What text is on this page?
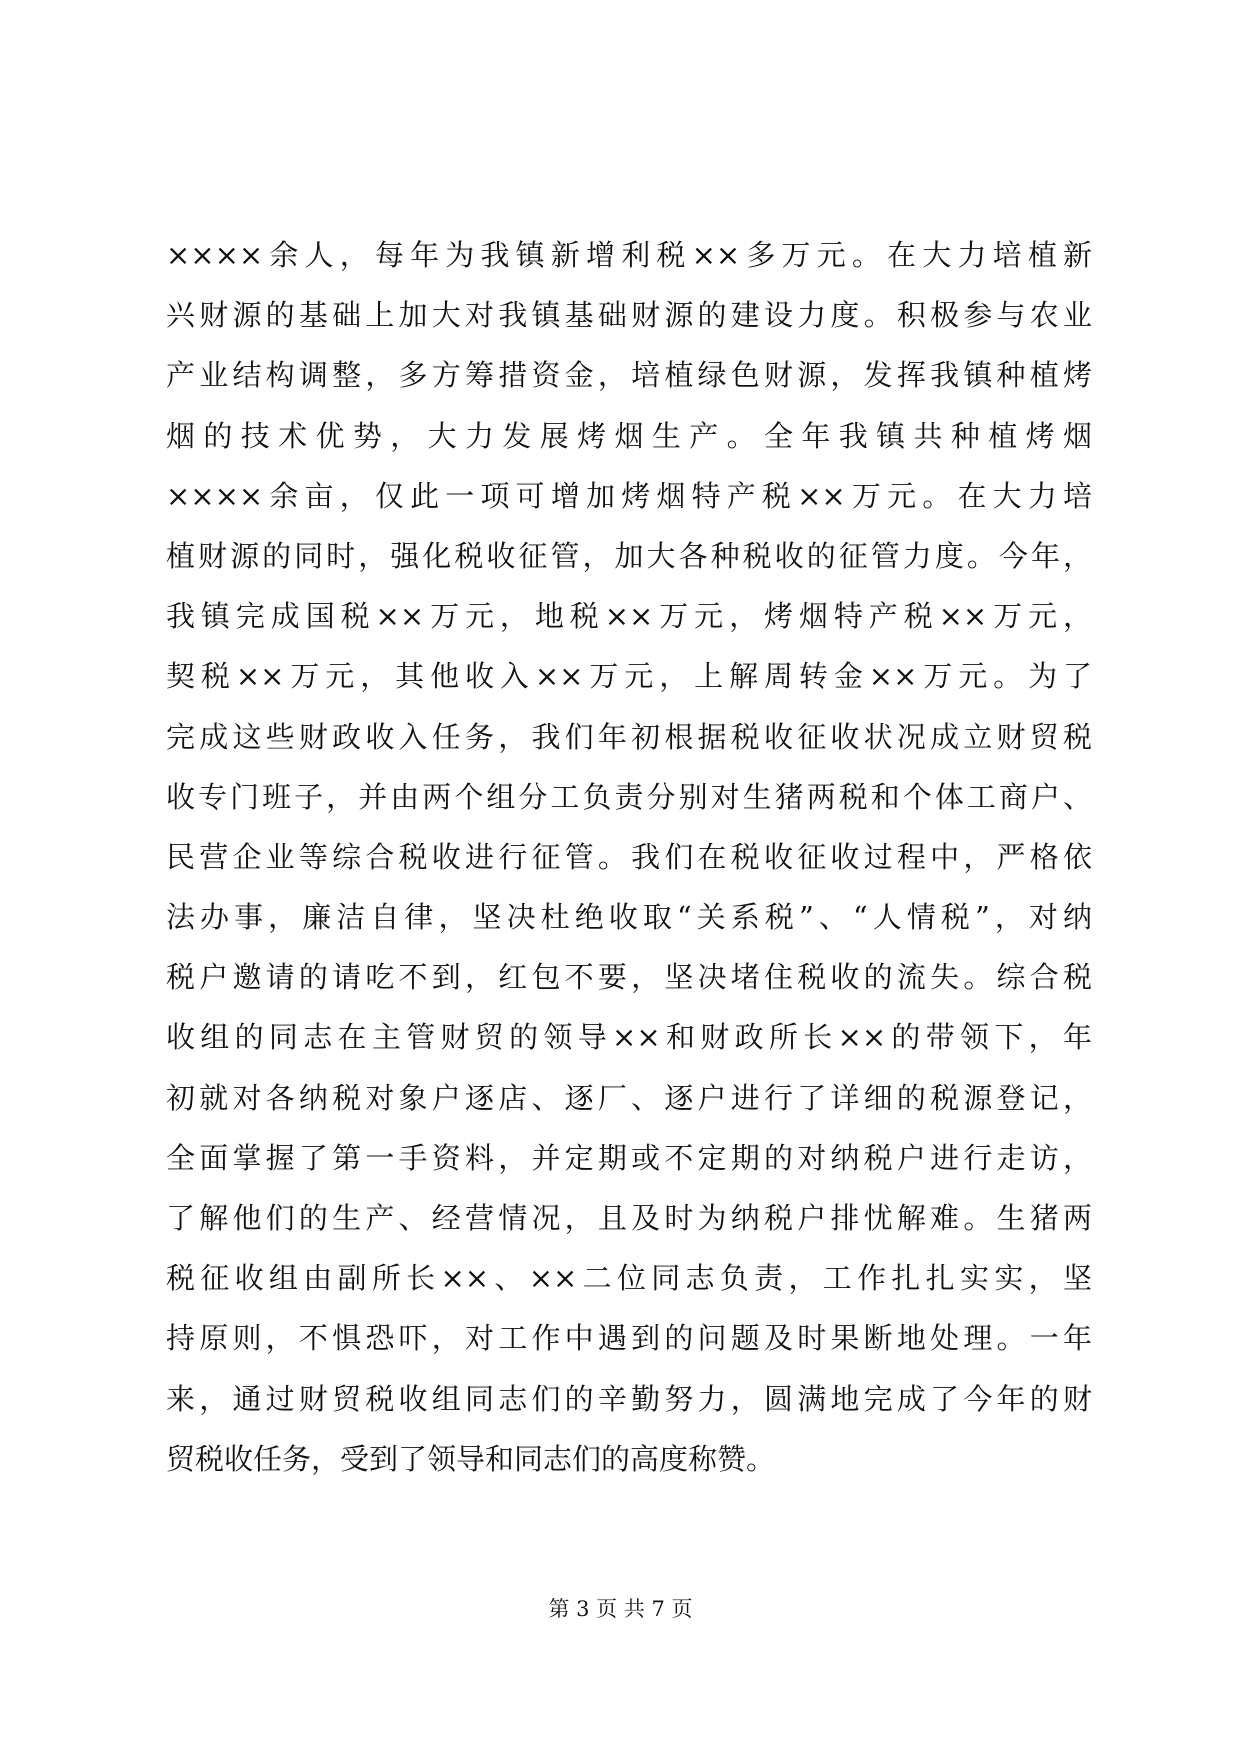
××××余人，每年为我镇新增利税××多万元。在大力培植新
兴财源的基础上加大对我镇基础财源的建设力度。积极参与农业
产业结构调整，多方筹措资金，培植绿色财源，发挥我镇种植烤
烟的技术优势，大力发展烤烟生产。全年我镇共种植烤烟
××××余亩，仅此一项可增加烤烟特产税××万元。在大力培
植财源的同时，强化税收征管，加大各种税收的征管力度。今年，
我镇完成国税××万元，地税××万元，烤烟特产税××万元，
契税××万元，其他收入××万元，上解周转金××万元。为了
完成这些财政收入任务，我们年初根据税收征收状况成立财贸税
收专门班子，并由两个组分工负责分别对生猪两税和个体工商户、
民营企业等综合税收进行征管。我们在税收征收过程中，严格依
法办事，廉洁自律，坚决杜绝收取“关系税”、“人情税”，对纳
税户邀请的请吃不到，红包不要，坚决堵住税收的流失。综合税
收组的同志在主管财贸的领导××和财政所长××的带领下，年
初就对各纳税对象户逐店、逐厂、逐户进行了详细的税源登记，
全面掌握了第一手资料，并定期或不定期的对纳税户进行走访，
了解他们的生产、经营情况，且及时为纳税户排忧解难。生猪两
税征收组由副所长××、××二位同志负责，工作扎扎实实，坚
持原则，不惧恐吓，对工作中遇到的问题及时果断地处理。一年
来，通过财贸税收组同志们的辛勤努力，圆满地完成了今年的财
贸税收任务，受到了领导和同志们的高度称赞。
第 3 页 共 7 页
